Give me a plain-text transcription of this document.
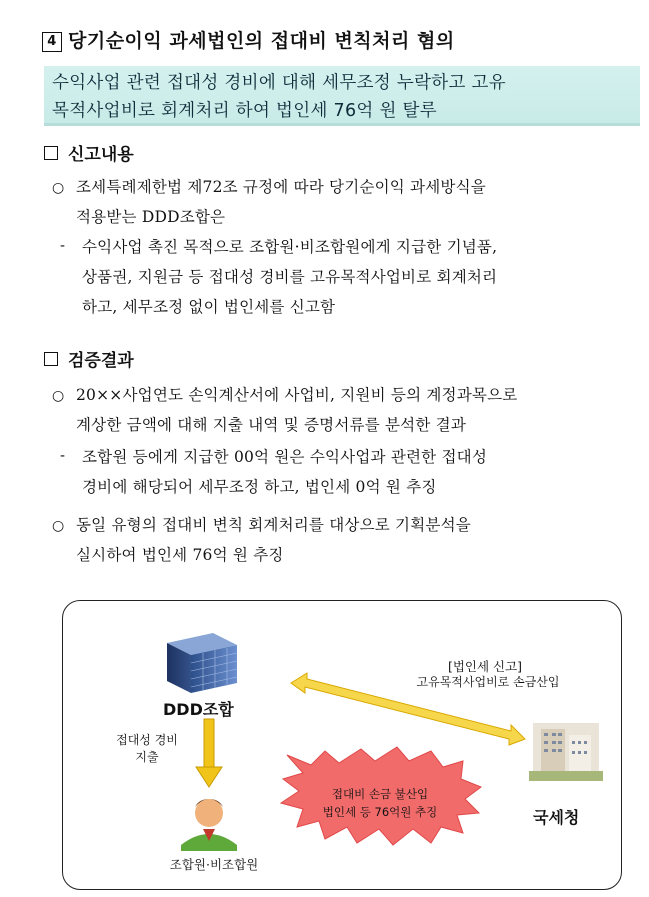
4 당기순이익 과세법인의 접대비 변칙처리 혐의
수익사업 관련 접대성 경비에 대해 세무조정 누락하고 고유
목적사업비로 회계처리 하여 법인세 76억 원 탈루
신고내용
○ 조세특례제한법 제72조 규정에 따라 당기순이익 과세방식을
적용받는 DDD조합은
- 수익사업 촉진 목적으로 조합원·비조합원에게 지급한 기념품,
상품권, 지원금 등 접대성 경비를 고유목적사업비로 회계처리
하고, 세무조정 없이 법인세를 신고함
검증결과
○ 20××사업연도 손익계산서에 사업비, 지원비 등의 계정과목으로
계상한 금액에 대해 지출 내역 및 증명서류를 분석한 결과
- 조합원 등에게 지급한 00억 원은 수익사업과 관련한 접대성
경비에 해당되어 세무조정 하고, 법인세 0억 원 추징
○ 동일 유형의 접대비 변칙 회계처리를 대상으로 기획분석을
실시하여 법인세 76억 원 추징
DDD조합
[법인세 신고]
고유목적사업비로 손금산입
접대성 경비
지출
접대비 손금 불산입
법인세 등 76억원 추징	국세청
조합원·비조합원
